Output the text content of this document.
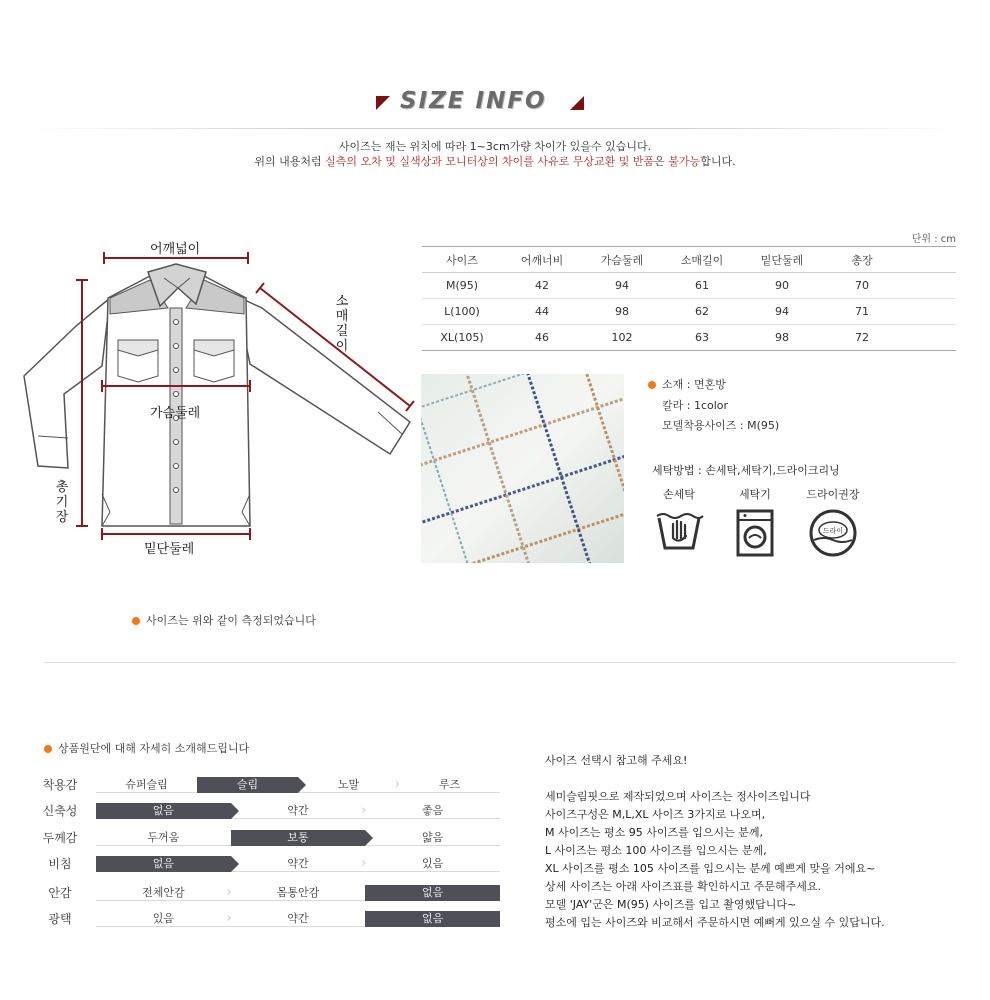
SIZE INFO
사이즈는 재는 위치에 따라 1~3cm가량 차이가 있을수 있습니다.
위의 내용처럼 실측의 오차 및 실색상과 모니터상의 차이를 사유로 무상교환 및 반품은 불가능합니다.
어깨넓이
가슴둘레
소
매
길
이
총
기
장
밑단둘레
단위 : cm
사이즈	어깨너비	가슴둘레	소매길이	밑단둘레	총장	
M(95)	42	94	61	90	70	
L(100)	44	98	62	94	71	
XL(105)	46	102	63	98	72	
소재 : 면혼방
칼라 : 1color
모델착용사이즈 : M(95)
세탁방법 : 손세탁,세탁기,드라이크리닝
손세탁	세탁기	드라이권장
드라이
사이즈는 위와 같이 측정되었습니다
상품원단에 대해 자세히 소개해드립니다
착용감	슈퍼슬림	슬림	노말	›	루즈
신축성	없음	약간	›	좋음
두께감	두꺼움	보통	얇음
비침	없음	약간	›	있음
안감	전체안감	›	몸통안감	없음
광택	있음	›	약간	없음
사이즈 선택시 참고해 주세요!
세미슬림핏으로 제작되었으며 사이즈는 정사이즈입니다
사이즈구성은 M,L,XL 사이즈 3가지로 나오며,
M 사이즈는 평소 95 사이즈를 입으시는 분께,
L 사이즈는 평소 100 사이즈를 입으시는 분께,
XL 사이즈를 평소 105 사이즈를 입으시는 분께 예쁘게 맞을 거에요~
상세 사이즈는 아래 사이즈표를 확인하시고 주문해주세요.
모델 'JAY'군은 M(95) 사이즈를 입고 촬영했답니다~
평소에 입는 사이즈와 비교해서 주문하시면 예뻐게 있으실 수 있답니다.
